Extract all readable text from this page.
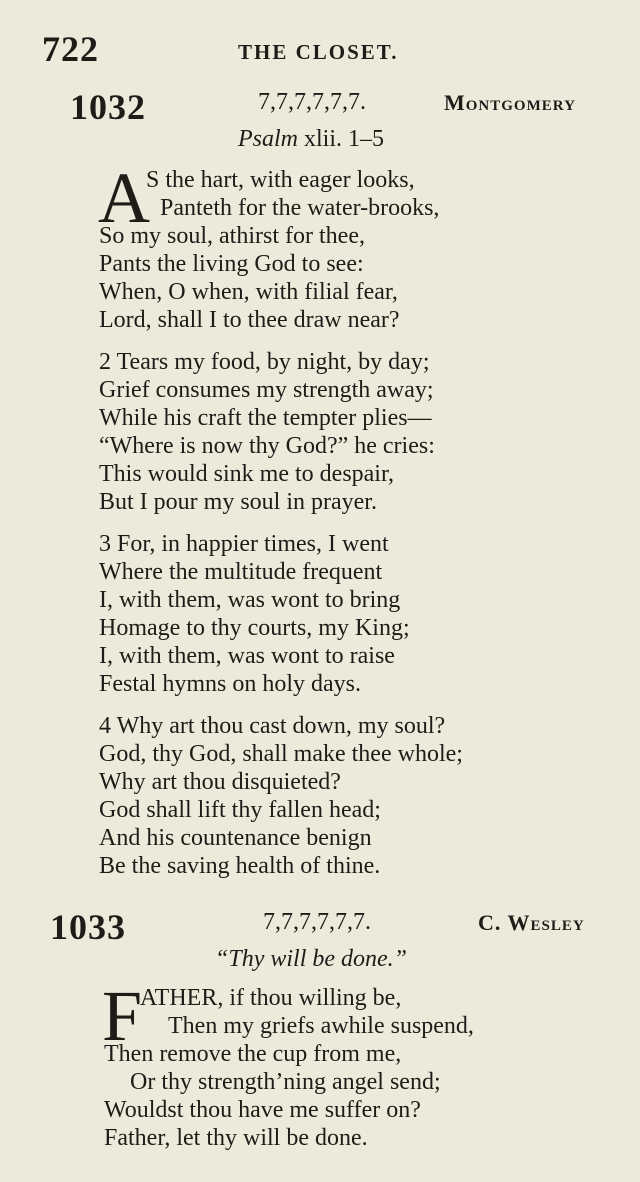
722	THE CLOSET.
1032	7,7,7,7,7,7.	Montgomery
Psalm xlii. 1–5
A
S the hart, with eager looks,
Panteth for the water-brooks,
So my soul, athirst for thee,
Pants the living God to see:
When, O when, with filial fear,
Lord, shall I to thee draw near?
2 Tears my food, by night, by day;
Grief consumes my strength away;
While his craft the tempter plies—
“Where is now thy God?” he cries:
This would sink me to despair,
But I pour my soul in prayer.
3 For, in happier times, I went
Where the multitude frequent
I, with them, was wont to bring
Homage to thy courts, my King;
I, with them, was wont to raise
Festal hymns on holy days.
4 Why art thou cast down, my soul?
God, thy God, shall make thee whole;
Why art thou disquieted?
God shall lift thy fallen head;
And his countenance benign
Be the saving health of thine.
1033	7,7,7,7,7,7.	C. Wesley
“Thy will be done.”
F
ATHER, if thou willing be,
Then my griefs awhile suspend,
Then remove the cup from me,
Or thy strength’ning angel send;
Wouldst thou have me suffer on?
Father, let thy will be done.
